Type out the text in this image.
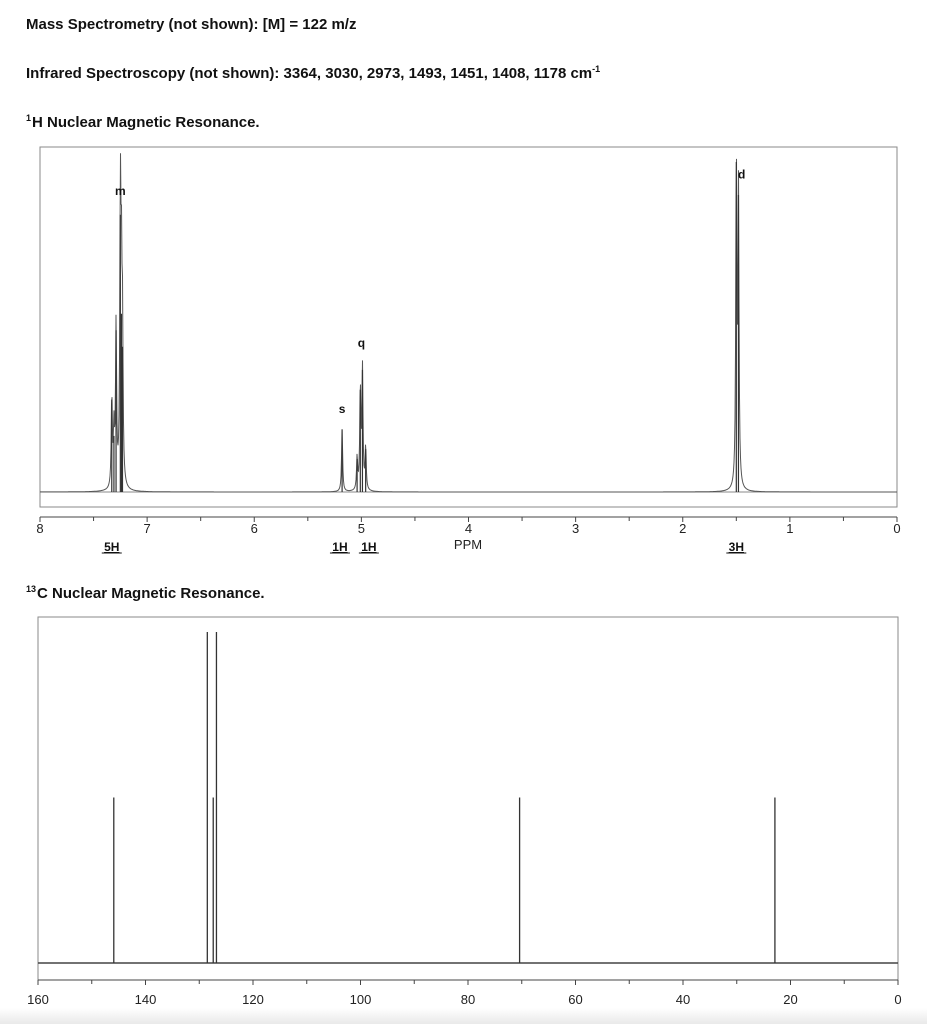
Mass Spectrometry (not shown): [M] = 122 m/z
Infrared Spectroscopy (not shown): 3364, 3030, 2973, 1493, 1451, 1408, 1178 $cm^{-1}$
$^1$H Nuclear Magnetic Resonance.
$^{13}$C Nuclear Magnetic Resonance.
8	7	6	5	4	3	2	1	0
m
s
q
d
5H	1H 1H	3H
PPM
160	140	120	100	80	60	40	20	0
